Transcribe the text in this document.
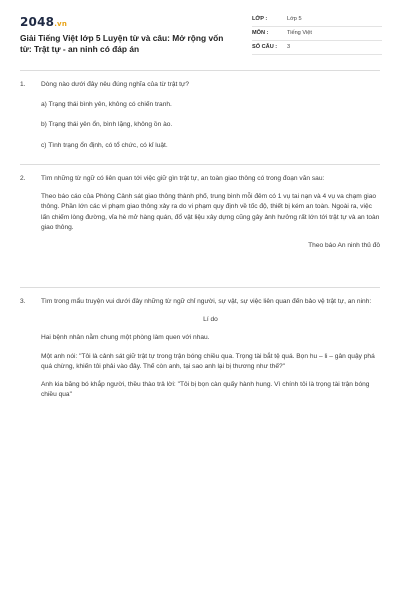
2048.vn
Giải Tiếng Việt lớp 5 Luyện từ và câu: Mở rộng vốn từ: Trật tự - an ninh có đáp án
LỚP :	Lớp 5
MÔN :	Tiếng Việt
SỐ CÂU : 3
1. Dòng nào dưới đây nêu đúng nghĩa của từ trật tự?
a) Trạng thái bình yên, không có chiến tranh.
b) Trạng thái yên ổn, bình lặng, không ồn ào.
c) Tình trạng ổn định, có tổ chức, có kỉ luật.
2. Tìm những từ ngữ có liên quan tới việc giữ gìn trật tự, an toàn giao thông có trong đoạn văn sau:
Theo báo cáo của Phòng Cảnh sát giao thông thành phố, trung bình mỗi đêm có 1 vụ tai nạn và 4 vụ va chạm giao thông. Phần lớn các vi phạm giao thông xảy ra do vi phạm quy định về tốc độ, thiết bị kém an toàn. Ngoài ra, việc lấn chiếm lòng đường, vỉa hè mở hàng quán, đổ vật liệu xây dựng cũng gây ảnh hưởng rất lớn tới trật tự và an toàn giao thông.
Theo báo An ninh thủ đô
3. Tìm trong mẩu truyện vui dưới đây những từ ngữ chỉ người, sự vật, sự việc liên quan đến bảo vệ trật tự, an ninh:
Lí do
Hai bệnh nhân nằm chung một phòng làm quen với nhau.
Một anh nói: "Tôi là cảnh sát giữ trật tự trong trận bóng chiều qua. Trọng tài bắt tệ quá. Bọn hu – li – gân quậy phá quá chừng, khiến tôi phải vào đây. Thế còn anh, tại sao anh lại bị thương như thế?"
Anh kia băng bó khắp người, thều thào trả lời: "Tôi bị bọn càn quấy hành hung. Vì chính tôi là trọng tài trận bóng chiều qua"
